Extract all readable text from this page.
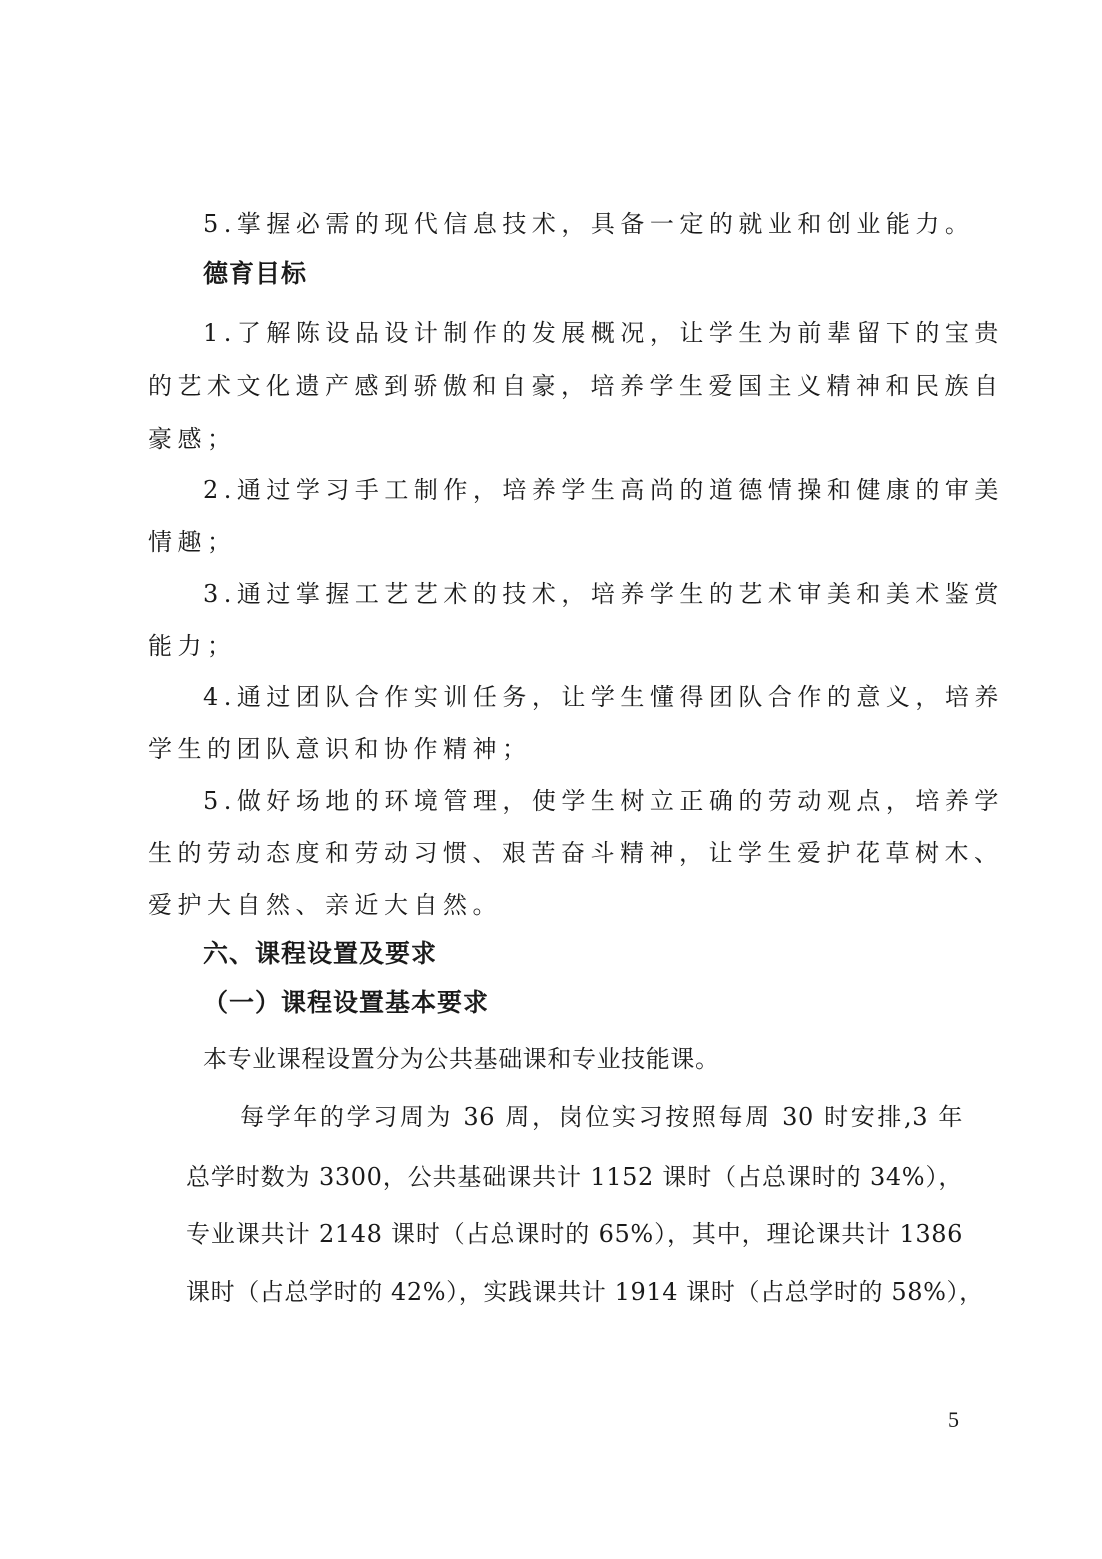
5.掌握必需的现代信息技术，具备一定的就业和创业能力。
德育目标
1.了解陈设品设计制作的发展概况，让学生为前辈留下的宝贵
的艺术文化遗产感到骄傲和自豪，培养学生爱国主义精神和民族自
豪感；
2.通过学习手工制作，培养学生高尚的道德情操和健康的审美
情趣；
3.通过掌握工艺艺术的技术，培养学生的艺术审美和美术鉴赏
能力；
4.通过团队合作实训任务，让学生懂得团队合作的意义，培养
学生的团队意识和协作精神；
5.做好场地的环境管理，使学生树立正确的劳动观点，培养学
生的劳动态度和劳动习惯、艰苦奋斗精神，让学生爱护花草树木、
爱护大自然、亲近大自然。
六、课程设置及要求
（一）课程设置基本要求
本专业课程设置分为公共基础课和专业技能课。
每学年的学习周为 36 周，岗位实习按照每周 30 时安排,3 年
总学时数为 3300，公共基础课共计 1152 课时（占总课时的 34%），
专业课共计 2148 课时（占总课时的 65%），其中，理论课共计 1386
课时（占总学时的 42%），实践课共计 1914 课时（占总学时的 58%），
5
